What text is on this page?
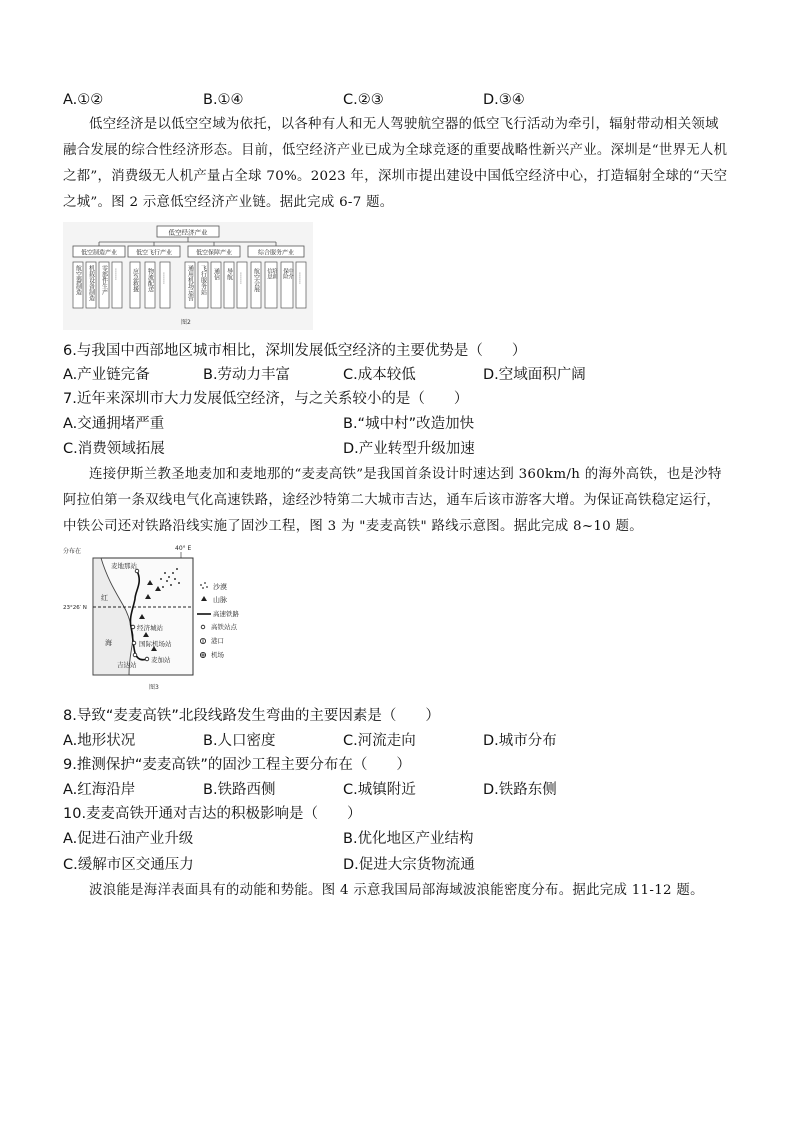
A.①②	B.①④	C.②③	D.③④
低空经济是以低空空域为依托，以各种有人和无人驾驶航空器的低空飞行活动为牵引，辐射带动相关领域融合发展的综合性经济形态。目前，低空经济产业已成为全球竞逐的重要战略性新兴产业。深圳是“世界无人机之都”，消费级无人机产量占全球 70%。2023 年，深圳市提出建设中国低空经济中心，打造辐射全球的“天空之城”。图 2 示意低空经济产业链。据此完成 6-7 题。
低空经济产业
低空制造产业	低空飞行产业	低空保障产业	综合服务产业
航空器制造 机载设备制造 零部件生产 …… 应急救援 物流配送 ……	通用机场运营 飞行服务站 通信 导航 …… 航空会展 信息 培训 保险 中介 ……
图2
6.与我国中西部地区城市相比，深圳发展低空经济的主要优势是（　　）
A.产业链完备	B.劳动力丰富	C.成本较低	D.空域面积广阔
7.近年来深圳市大力发展低空经济，与之关系较小的是（　　）
A.交通拥堵严重	B.“城中村”改造加快
C.消费领域拓展	D.产业转型升级加速
连接伊斯兰教圣地麦加和麦地那的“麦麦高铁”是我国首条设计时速达到 360km/h 的海外高铁，也是沙特阿拉伯第一条双线电气化高速铁路，途经沙特第二大城市吉达，通车后该市游客大增。为保证高铁稳定运行，中铁公司还对铁路沿线实施了固沙工程，图 3 为 "麦麦高铁" 路线示意图。据此完成 8~10 题。
分布在	40° E
红
海
23°26′ N
麦地那站
经济城站
国际机场站
吉达站
麦加站
沙漠
山脉
高速铁路
高铁站点
港口
机场
图3
8.导致“麦麦高铁”北段线路发生弯曲的主要因素是（　　）
A.地形状况	B.人口密度	C.河流走向	D.城市分布
9.推测保护“麦麦高铁”的固沙工程主要分布在（　　）
A.红海沿岸	B.铁路西侧	C.城镇附近	D.铁路东侧
10.麦麦高铁开通对吉达的积极影响是（　　）
A.促进石油产业升级	B.优化地区产业结构
C.缓解市区交通压力	D.促进大宗货物流通
波浪能是海洋表面具有的动能和势能。图 4 示意我国局部海域波浪能密度分布。据此完成 11-12 题。
